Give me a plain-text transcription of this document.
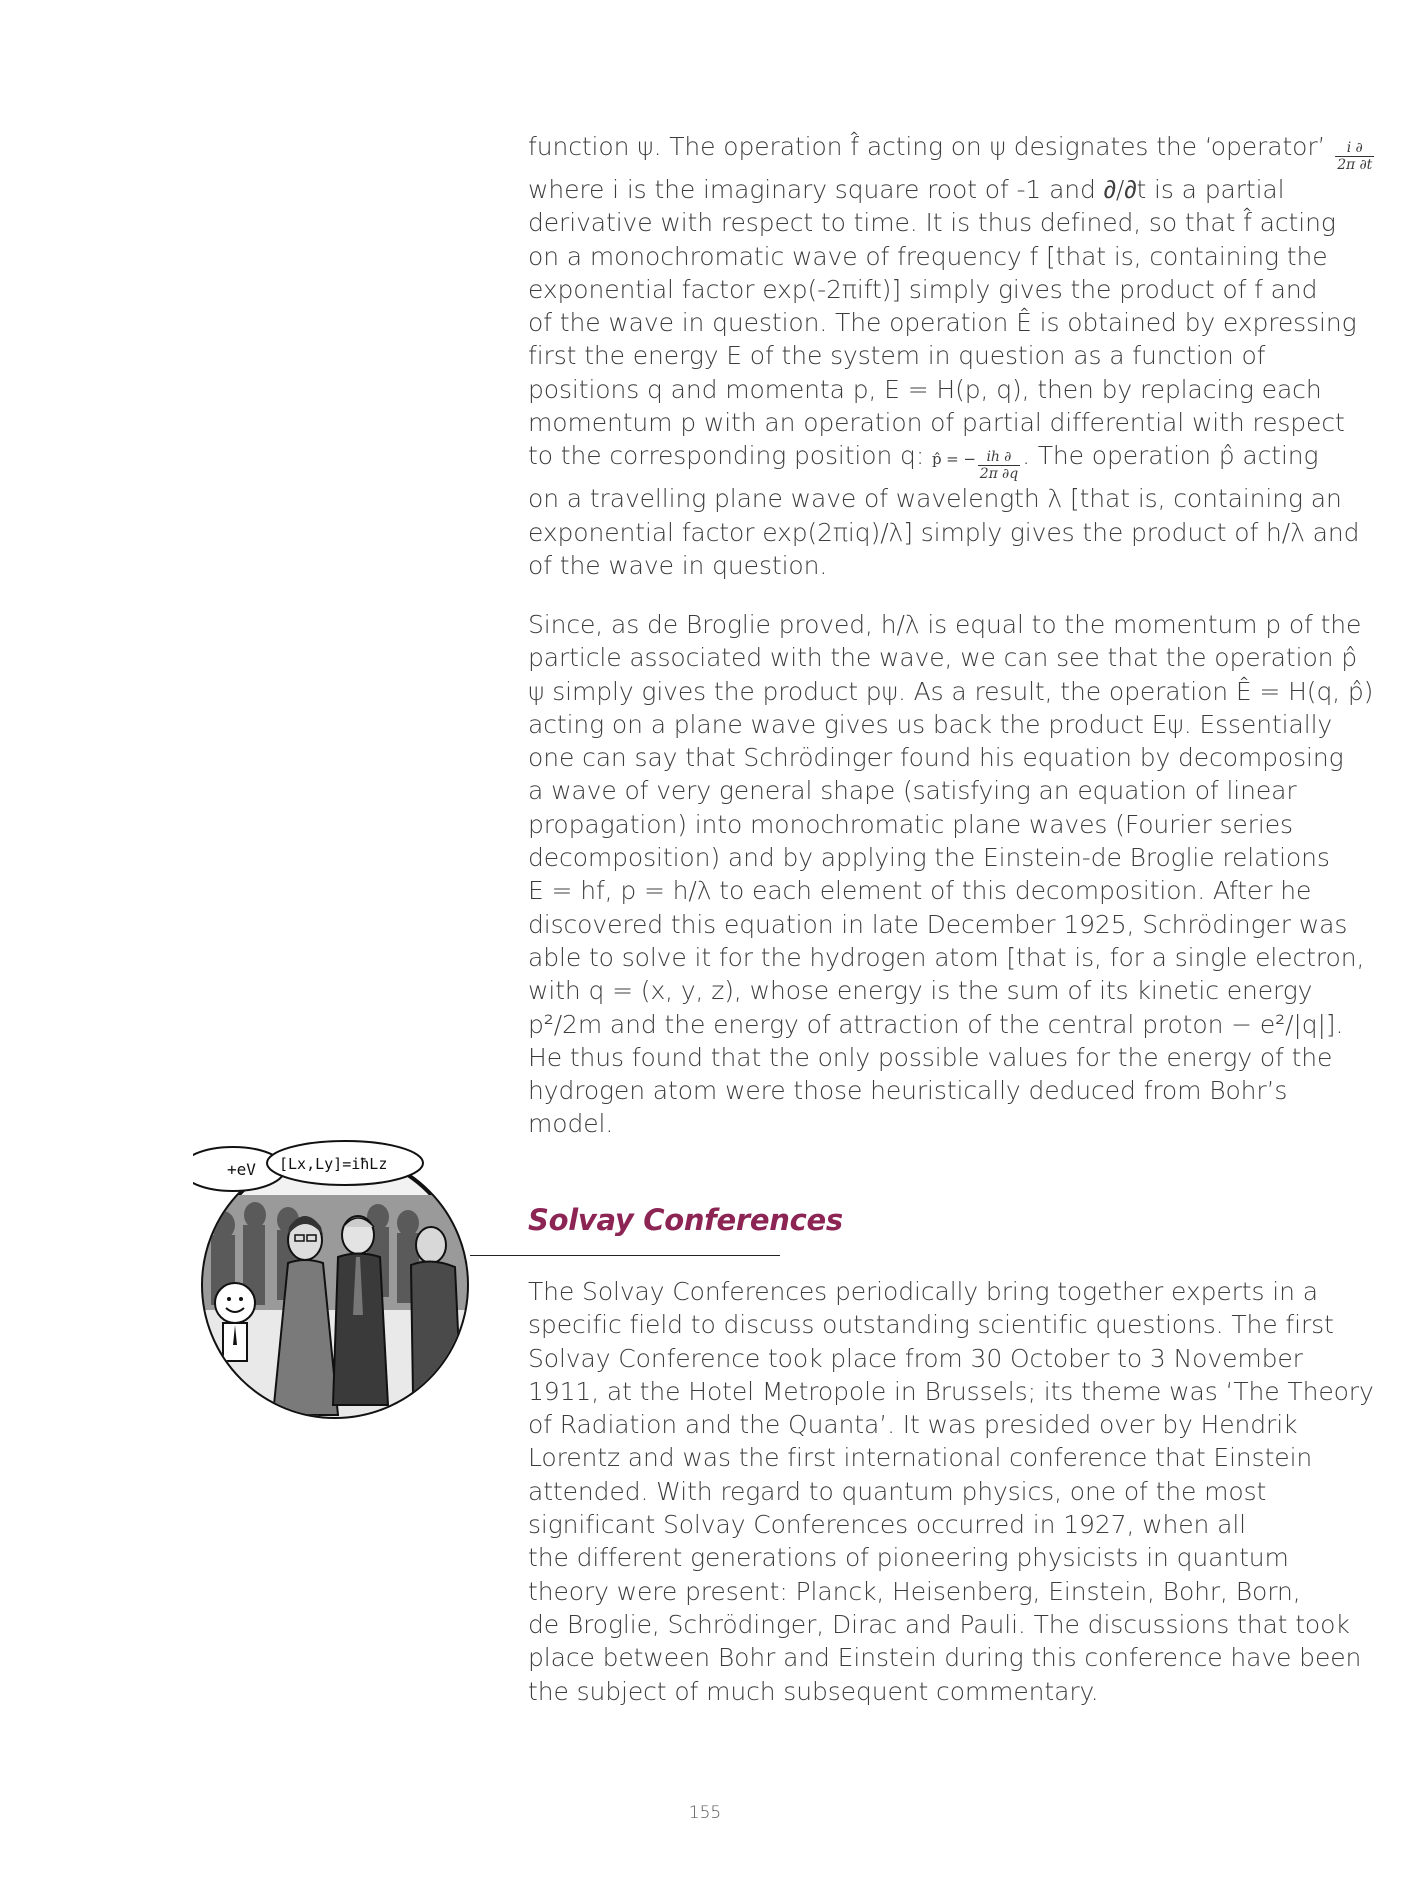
function ψ. The operation f̂ acting on ψ designates the ‘operator’ $\frac{i \partial}{2\pi \partial t}$
where i is the imaginary square root of -1 and ∂/∂t is a partial
derivative with respect to time. It is thus defined, so that f̂ acting
on a monochromatic wave of frequency f [that is, containing the
exponential factor exp(-2πift)] simply gives the product of f and
of the wave in question. The operation Ê is obtained by expressing
first the energy E of the system in question as a function of
positions q and momenta p, E = H(p, q), then by replacing each
momentum p with an operation of partial differential with respect
to the corresponding position q: p̂ = − $\frac{ih \partial}{2\pi \partial q}$ . The operation p̂ acting
on a travelling plane wave of wavelength λ [that is, containing an
exponential factor exp(2πiq)/λ] simply gives the product of h/λ and
of the wave in question.
Since, as de Broglie proved, h/λ is equal to the momentum p of the
particle associated with the wave, we can see that the operation p̂
ψ simply gives the product pψ. As a result, the operation Ê = H(q, p̂)
acting on a plane wave gives us back the product Eψ. Essentially
one can say that Schrödinger found his equation by decomposing
a wave of very general shape (satisfying an equation of linear
propagation) into monochromatic plane waves (Fourier series
decomposition) and by applying the Einstein-de Broglie relations
E = hf, p = h/λ to each element of this decomposition. After he
discovered this equation in late December 1925, Schrödinger was
able to solve it for the hydrogen atom [that is, for a single electron,
with q = (x, y, z), whose energy is the sum of its kinetic energy
p²/2m and the energy of attraction of the central proton − e²/|q|].
He thus found that the only possible values for the energy of the
hydrogen atom were those heuristically deduced from Bohr’s
model.
+eV [Lx,Ly]=iħLz
Solvay Conferences
The Solvay Conferences periodically bring together experts in a
specific field to discuss outstanding scientific questions. The first
Solvay Conference took place from 30 October to 3 November
1911, at the Hotel Metropole in Brussels; its theme was ‘The Theory
of Radiation and the Quanta’. It was presided over by Hendrik
Lorentz and was the first international conference that Einstein
attended. With regard to quantum physics, one of the most
significant Solvay Conferences occurred in 1927, when all
the different generations of pioneering physicists in quantum
theory were present: Planck, Heisenberg, Einstein, Bohr, Born,
de Broglie, Schrödinger, Dirac and Pauli. The discussions that took
place between Bohr and Einstein during this conference have been
the subject of much subsequent commentary.
155
